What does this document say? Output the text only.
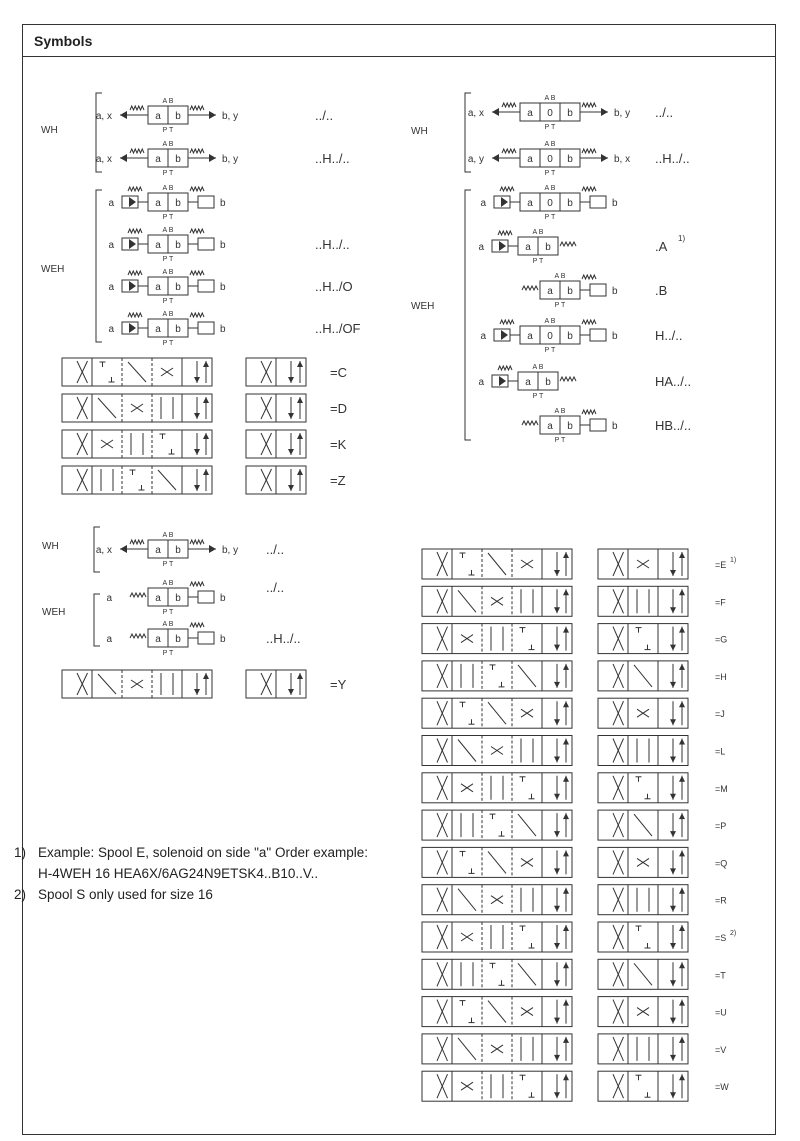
Symbols
WH
WEH
a b
A B
P T
a, x	b, y	../..
a b
A B
P T
a, x	b, y	..H../..
a b
A B
P T
a	b
a b
A B
P T
a	b	..H../..
a b
A B
P T
a	b	..H../O
a b
A B
P T
a	b	..H../OF
=C
=D
=K
=Z
WH
WEH
a 0 b
A B
P T
a, x	b, y ../..
a 0 b
A B
P T
a, y	b, x ..H../..
a 0 b
A B
P T
a	b
a b
A B
P T
a	.A
1)
a b
A B
P T
b	.B
a 0 b
A B
P T
a	b	H../..
a b
A B
P T
a	HA../..
a b
A B
P T
b	HB../..
WH
WEH
a b
A B
P T
a, x	b, y ../..
a b
A B
P T
a	b
a b
A B
P T
a	b	..H../..
../..
=Y
=E 1)
=F
=G
=H
=J
=L
=M
=P
=Q
=R
=S 2)
=T
=U
=V
=W
1) Example: Spool E, solenoid on side "a" Order example:
H-4WEH 16 HEA6X/6AG24N9ETSK4..B10..V..
2) Spool S only used for size 16
